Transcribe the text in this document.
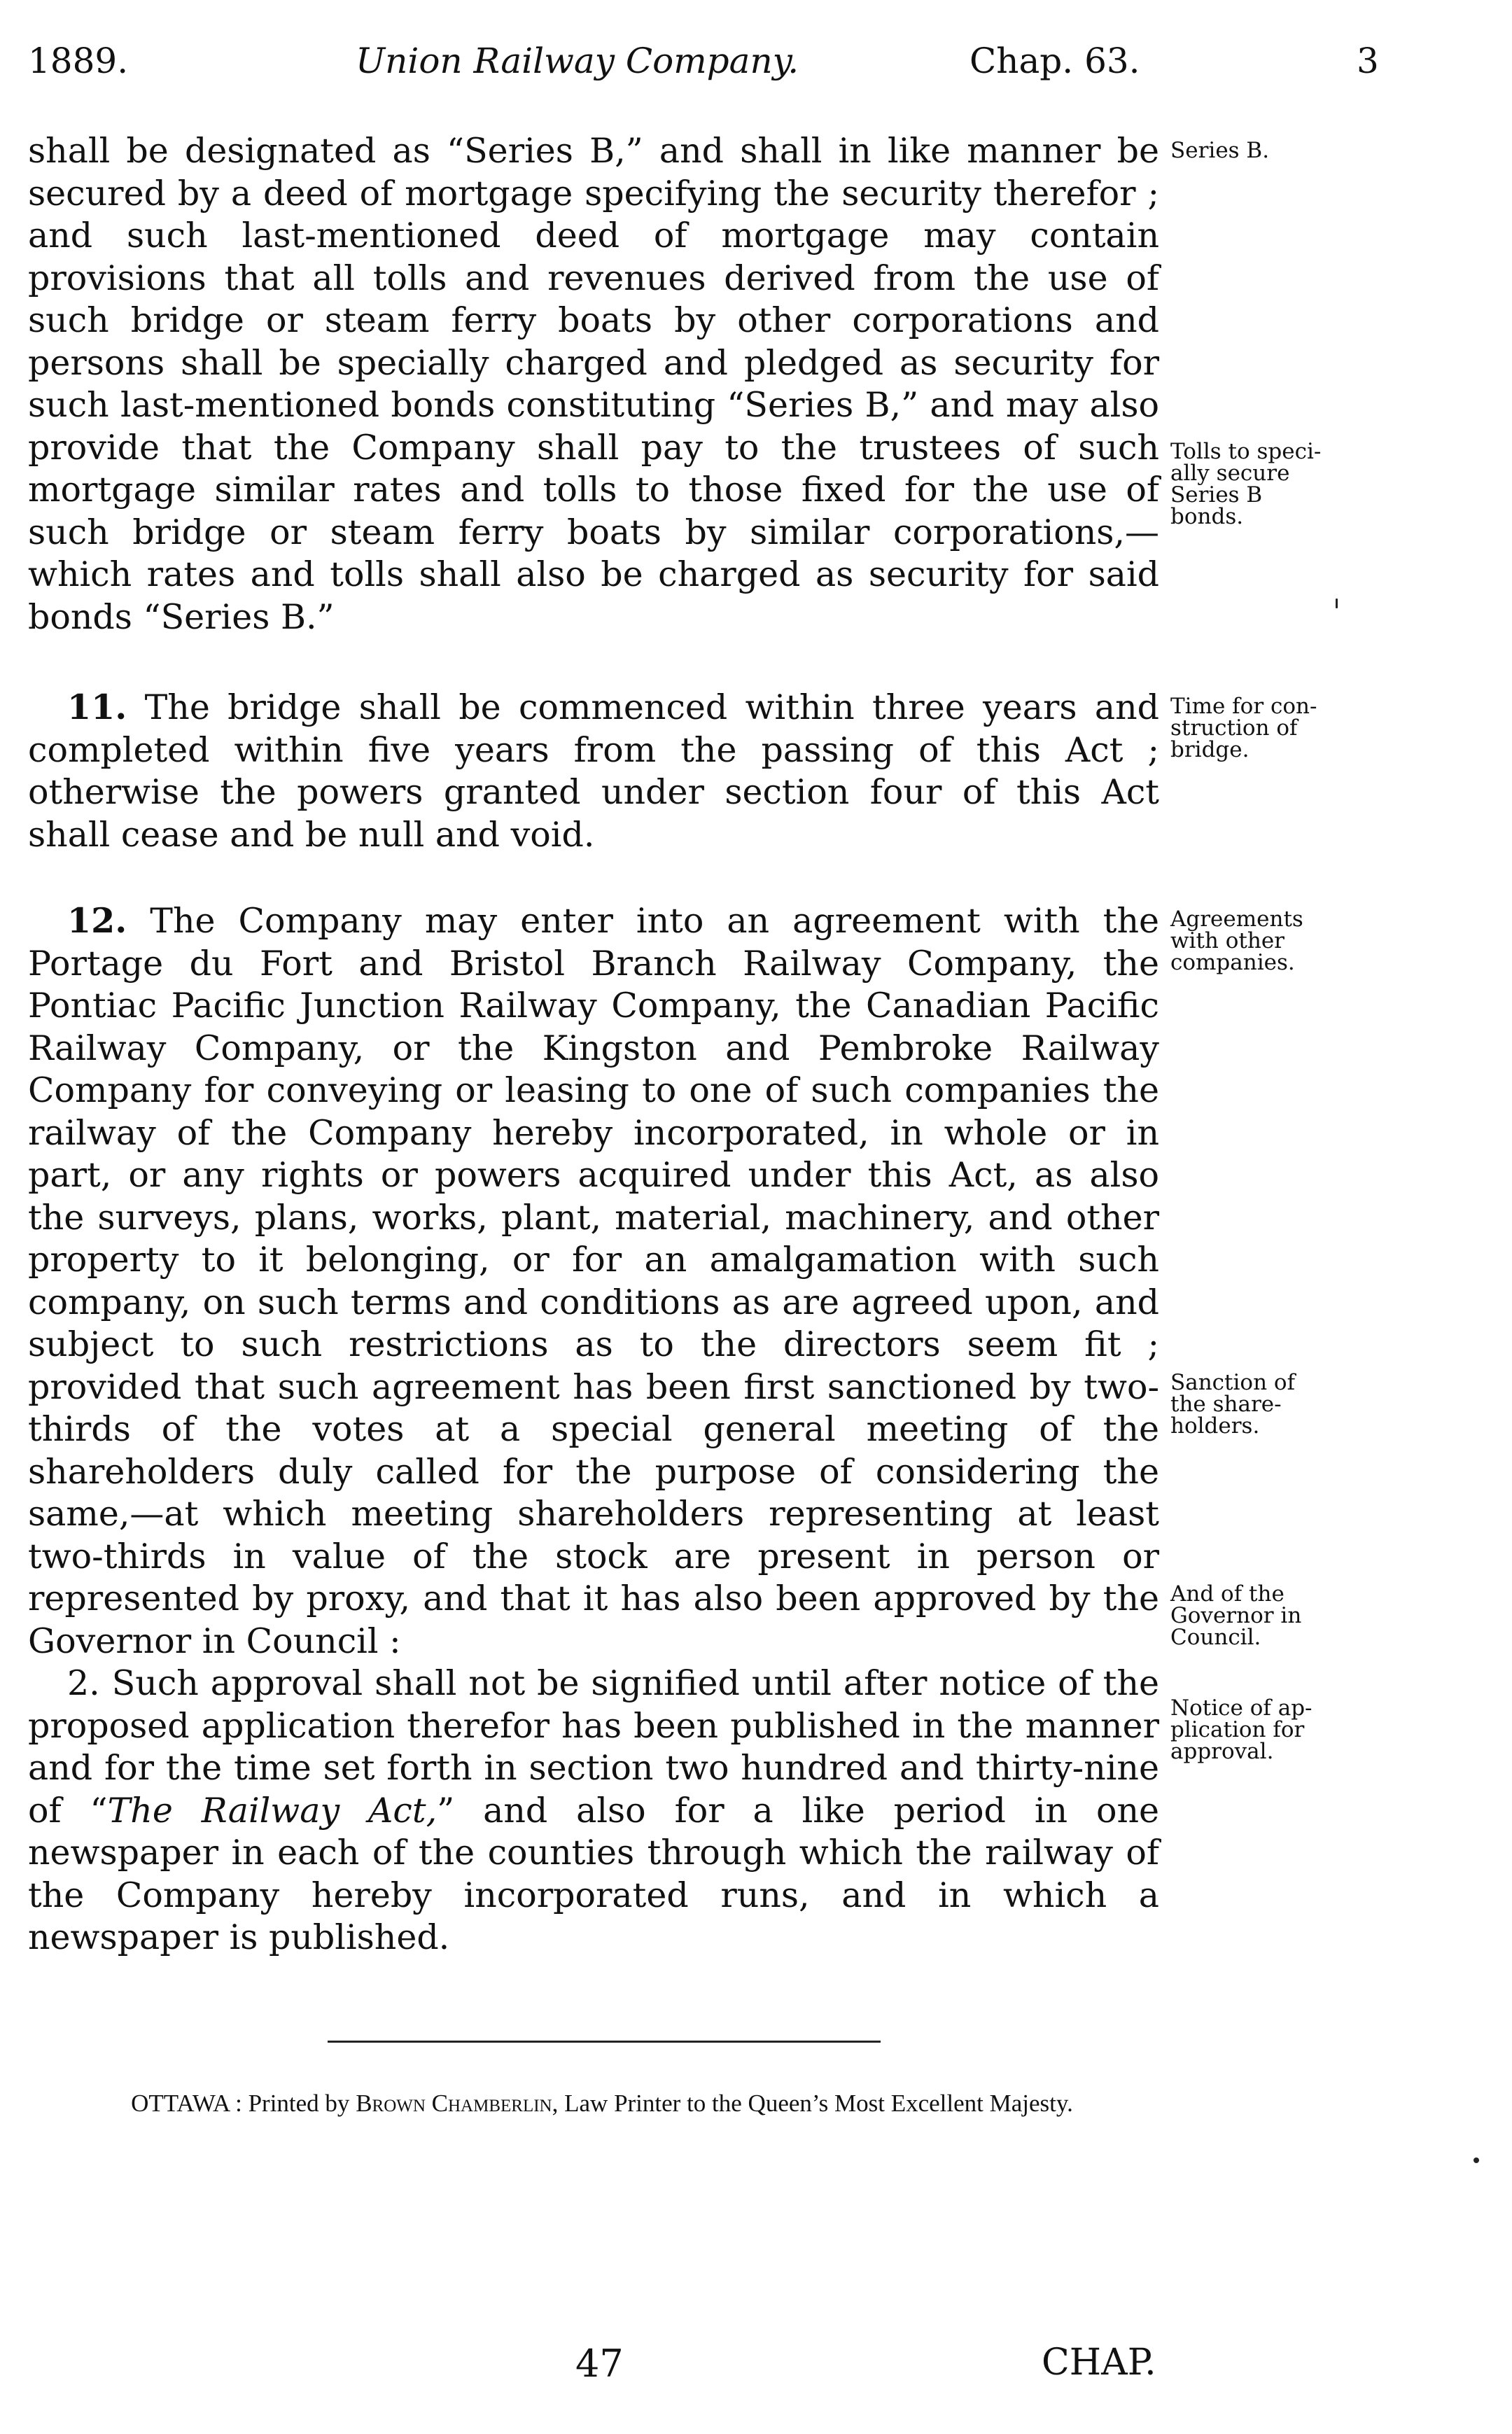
1889.	Union Railway Company.	Chap. 63.	3

shall be designated as “Series B,” and shall in like manner be secured by a deed of mortgage specifying the security therefor ; and such last-mentioned deed of mortgage may contain provisions that all tolls and revenues derived from the use of such bridge or steam ferry boats by other corporations and persons shall be specially charged and pledged as security for such last-mentioned bonds constituting “Series B,” and may also provide that the Company shall pay to the trustees of such mortgage similar rates and tolls to those fixed for the use of such bridge or steam ferry boats by similar corporations,—which rates and tolls shall also be charged as security for said bonds “Series B.”

11. The bridge shall be commenced within three years and completed within five years from the passing of this Act ; otherwise the powers granted under section four of this Act shall cease and be null and void.

12. The Company may enter into an agreement with the Portage du Fort and Bristol Branch Railway Company, the Pontiac Pacific Junction Railway Company, the Canadian Pacific Railway Company, or the Kingston and Pembroke Railway Company for conveying or leasing to one of such companies the railway of the Company hereby incorporated, in whole or in part, or any rights or powers acquired under this Act, as also the surveys, plans, works, plant, material, machinery, and other property to it belonging, or for an amalgamation with such company, on such terms and conditions as are agreed upon, and subject to such restrictions as to the directors seem fit ; provided that such agreement has been first sanctioned by two-thirds of the votes at a special general meeting of the shareholders duly called for the purpose of considering the same,—at which meeting shareholders representing at least two-thirds in value of the stock are present in person or represented by proxy, and that it has also been approved by the Governor in Council :

2. Such approval shall not be signified until after notice of the proposed application therefor has been published in the manner and for the time set forth in section two hundred and thirty-nine of “The Railway Act,” and also for a like period in one newspaper in each of the counties through which the railway of the Company hereby incorporated runs, and in which a newspaper is published.

Series B.
Tolls to speci-
ally secure
Series B
bonds.
Time for con-
struction of
bridge.
Agreements
with other
companies.
Sanction of
the share-
holders.
And of the
Governor in
Council.
Notice of ap-
plication for
approval.
OTTAWA : Printed by Brown Chamberlin, Law Printer to the Queen’s Most Excellent Majesty.
47	CHAP.
